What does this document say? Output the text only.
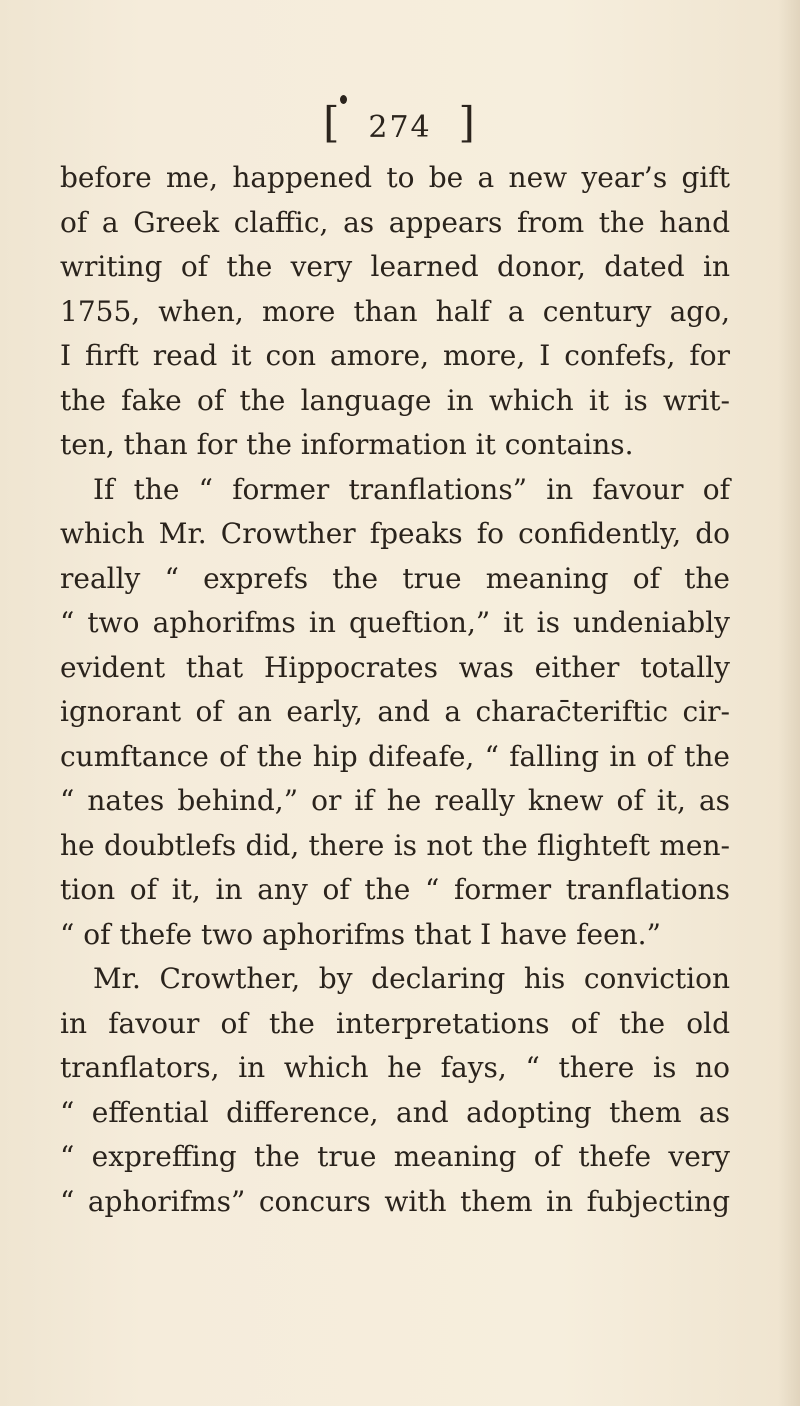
[ 274 ]
before me, happened to be a new year’s gift
of a Greek claffic, as appears from the hand
writing of the very learned donor, dated in
1755, when, more than half a century ago,
I firft read it con amore, more, I confefs, for
the fake of the language in which it is writ-
ten, than for the information it contains.
If the “ former tranflations” in favour of
which Mr. Crowther fpeaks fo confidently, do
really “ exprefs the true meaning of the
“ two aphorifms in queftion,” it is undeniably
evident that Hippocrates was either totally
ignorant of an early, and a charac̄teriftic cir-
cumftance of the hip difeafe, “ falling in of the
“ nates behind,” or if he really knew of it, as
he doubtlefs did, there is not the flighteft men-
tion of it, in any of the “ former tranflations
“ of thefe two aphorifms that I have feen.”
Mr. Crowther, by declaring his conviction
in favour of the interpretations of the old
tranflators, in which he fays, “ there is no
“ effential difference, and adopting them as
“ expreffing the true meaning of thefe very
“ aphorifms” concurs with them in fubjecting
